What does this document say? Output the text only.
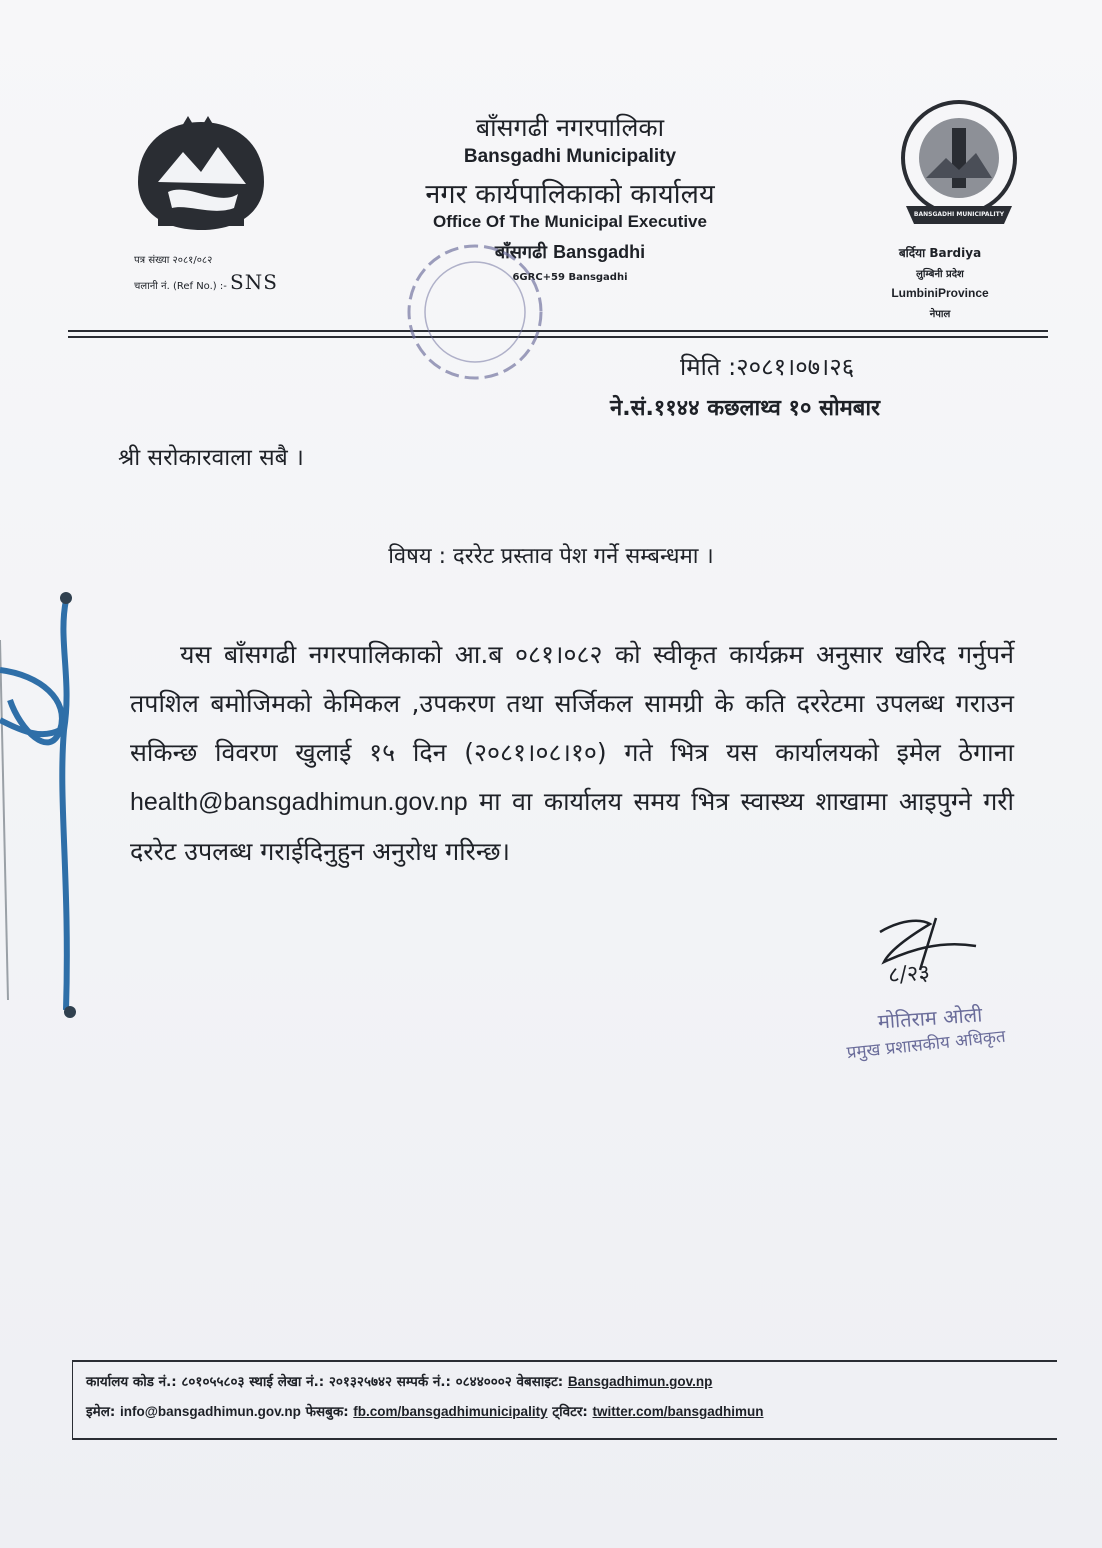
बाँसगढी नगरपालिका
Bansgadhi Municipality
नगर कार्यपालिकाको कार्यालय
Office Of The Municipal Executive
बाँसगढी Bansgadhi
6GRC+59 Bansgadhi
पत्र संख्या २०८१/०८२
चलानी नं. (Ref No.) :- SNS
BANSGADHI MUNICIPALITY
बर्दिया Bardiya
लुम्बिनी प्रदेश
LumbiniProvince
नेपाल
मिति :२०८१।०७।२६
ने.सं.११४४ कछलाथ्व १० सोमबार
श्री सरोकारवाला सबै ।
विषय : दररेट प्रस्ताव पेश गर्ने सम्बन्धमा ।

यस बाँसगढी नगरपालिकाको आ.ब ०८१।०८२ को स्वीकृत कार्यक्रम अनुसार खरिद गर्नुपर्ने तपशिल बमोजिमको केमिकल ,उपकरण तथा सर्जिकल सामग्री के कति दररेटमा उपलब्ध गराउन सकिन्छ विवरण खुलाई १५ दिन (२०८१।०८।१०) गते भित्र यस कार्यालयको इमेल ठेगाना health@bansgadhimun.gov.np मा वा कार्यालय समय भित्र स्वास्थ्य शाखामा आइपुग्ने गरी दररेट उपलब्ध गराईदिनुहुन अनुरोध गरिन्छ।

८/२३
मोतिराम ओली
प्रमुख प्रशासकीय अधिकृत
कार्यालय कोड नं.: ८०१०५५८०३ स्थाई लेखा नं.: २०१३२५७४२ सम्पर्क नं.: ०८४४०००२ वेबसाइट: Bansgadhimun.gov.np
इमेल: info@bansgadhimun.gov.np फेसबुक: fb.com/bansgadhimunicipality ट्विटर: twitter.com/bansgadhimun
